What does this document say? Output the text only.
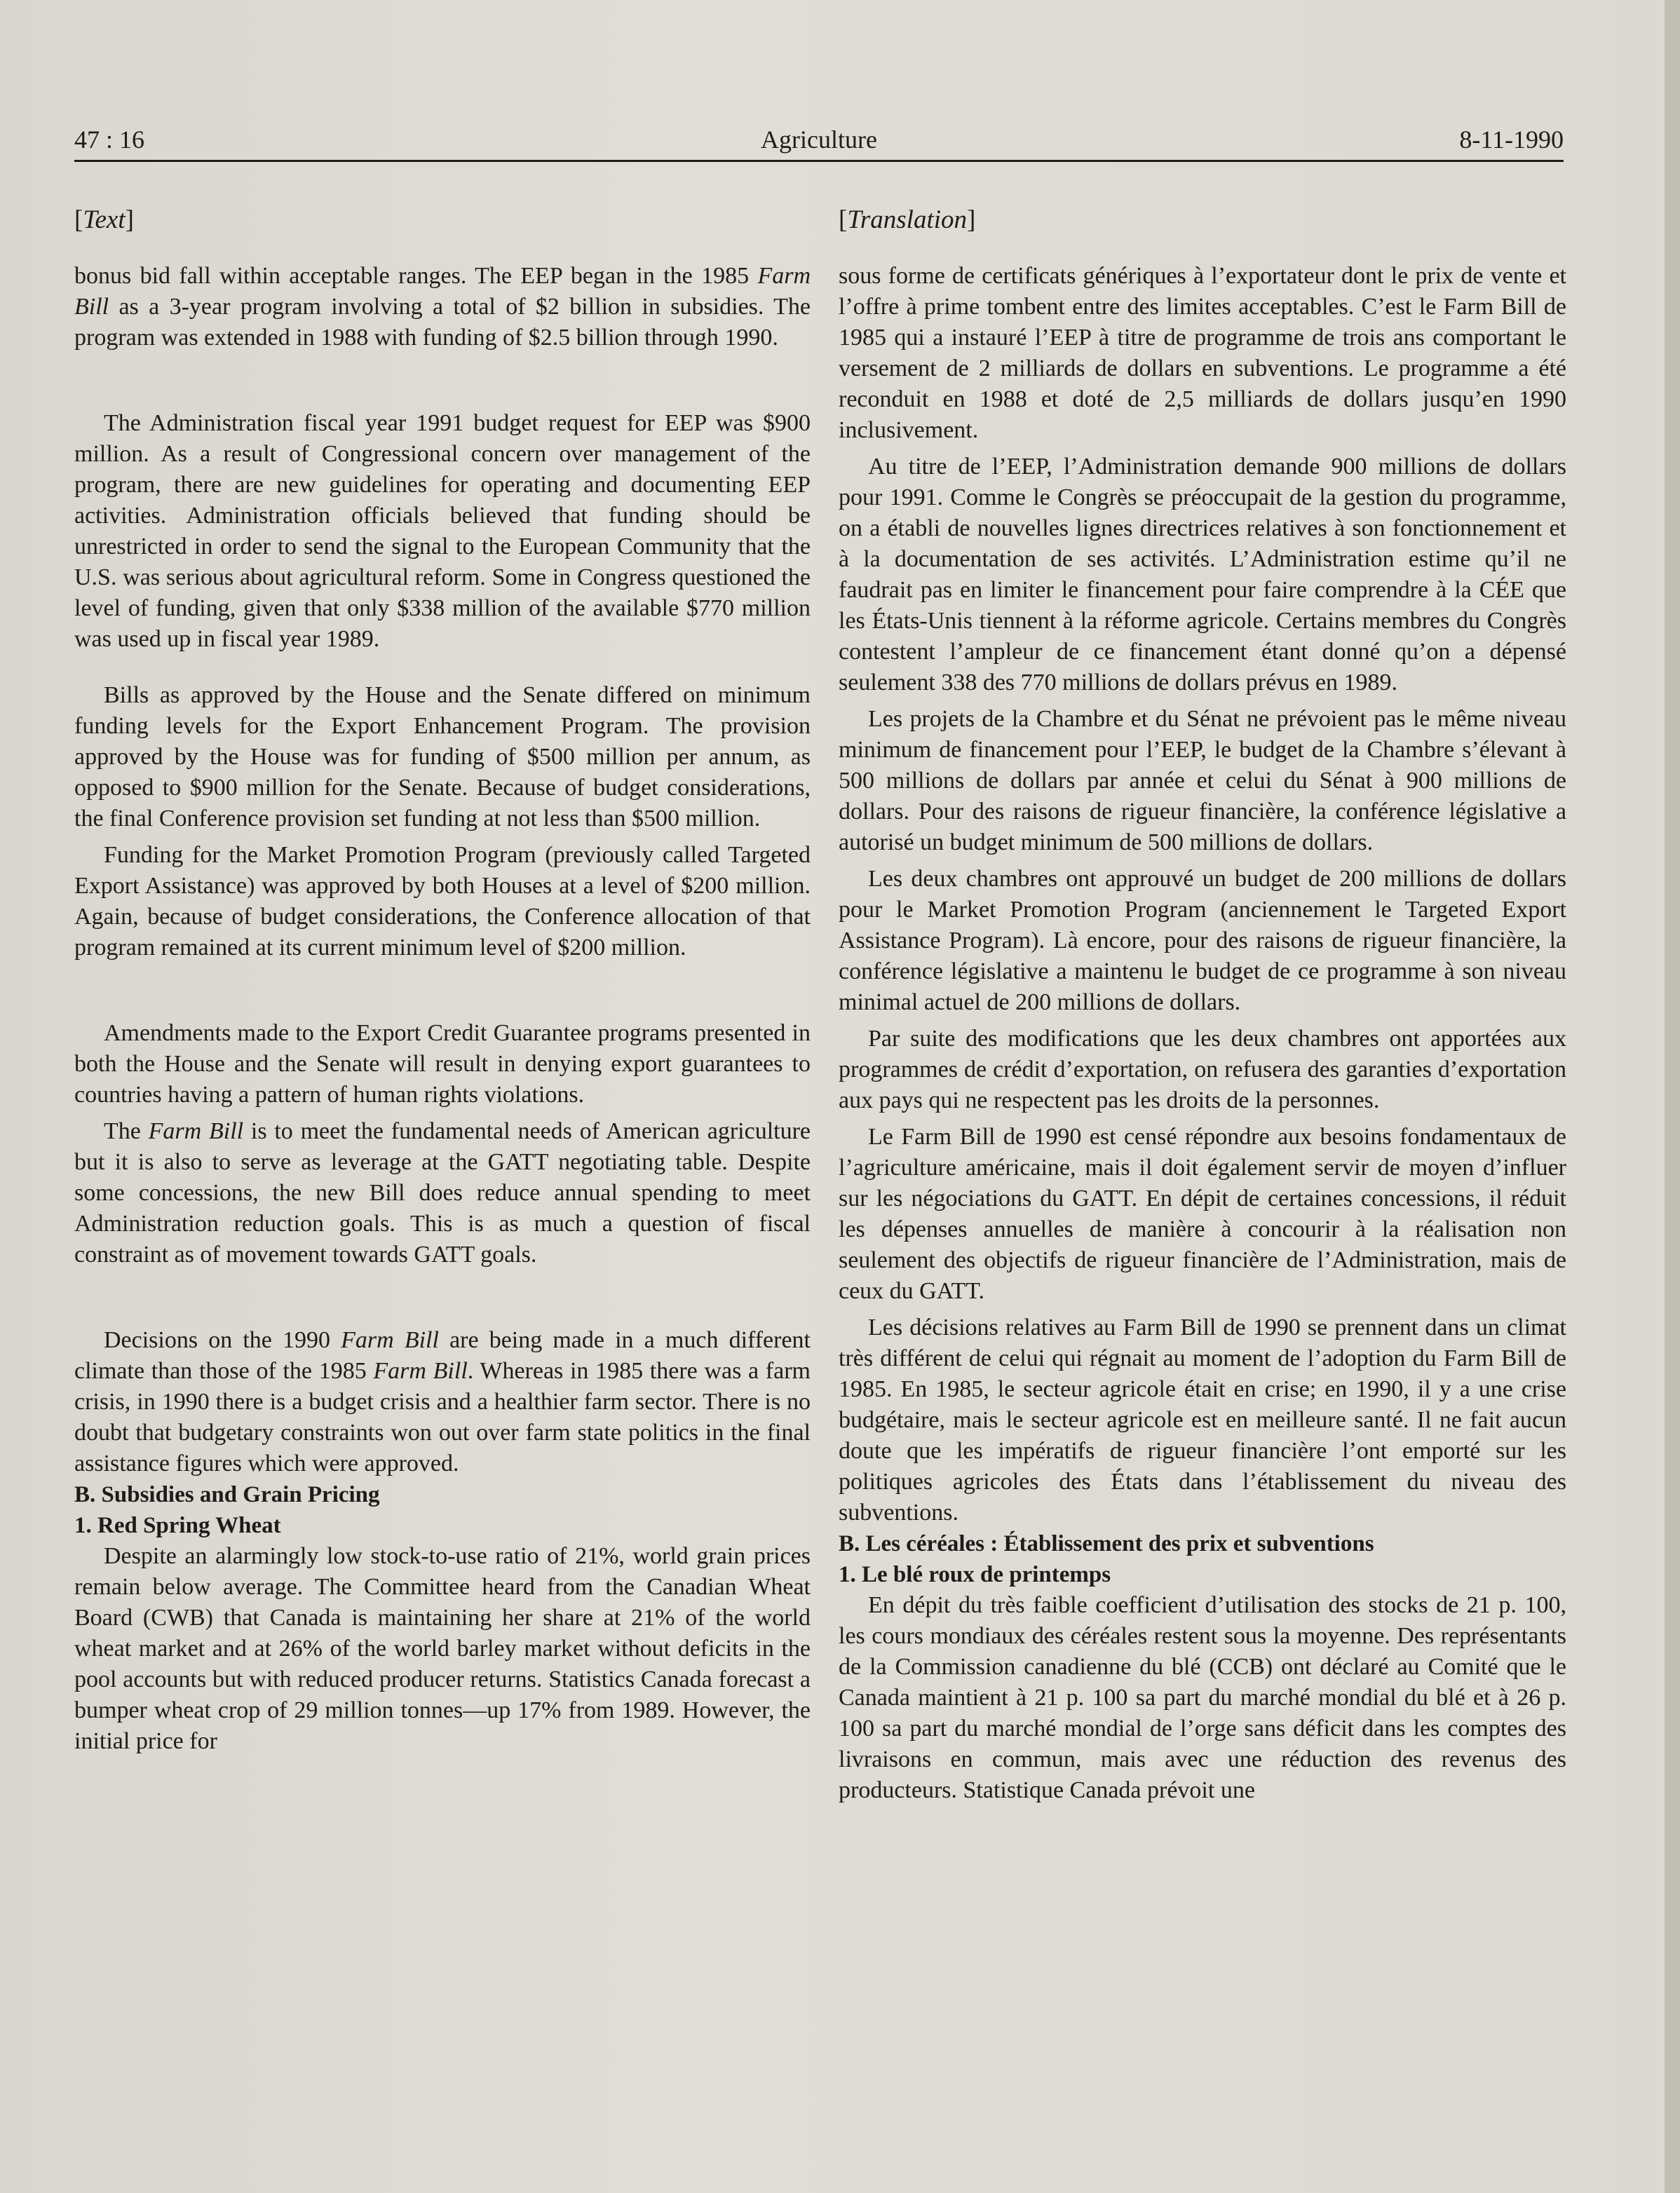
Agriculture
47 : 16	8-11-1990
[Text]

bonus bid fall within acceptable ranges. The EEP began in the 1985 Farm Bill as a 3-year program involving a total of $2 billion in subsidies. The program was extended in 1988 with funding of $2.5 billion through 1990.

The Administration fiscal year 1991 budget request for EEP was $900 million. As a result of Congressional concern over management of the program, there are new guidelines for operating and documenting EEP activities. Administration officials believed that funding should be unrestricted in order to send the signal to the European Community that the U.S. was serious about agricultural reform. Some in Congress questioned the level of funding, given that only $338 million of the available $770 million was used up in fiscal year 1989.

Bills as approved by the House and the Senate differed on minimum funding levels for the Export Enhancement Program. The provision approved by the House was for funding of $500 million per annum, as opposed to $900 million for the Senate. Because of budget considerations, the final Conference provision set funding at not less than $500 million.

Funding for the Market Promotion Program (previously called Targeted Export Assistance) was approved by both Houses at a level of $200 million. Again, because of budget considerations, the Conference allocation of that program remained at its current minimum level of $200 million.

Amendments made to the Export Credit Guarantee programs presented in both the House and the Senate will result in denying export guarantees to countries having a pattern of human rights violations.

The Farm Bill is to meet the fundamental needs of American agriculture but it is also to serve as leverage at the GATT negotiating table. Despite some concessions, the new Bill does reduce annual spending to meet Administration reduction goals. This is as much a question of fiscal constraint as of movement towards GATT goals.

Decisions on the 1990 Farm Bill are being made in a much different climate than those of the 1985 Farm Bill. Whereas in 1985 there was a farm crisis, in 1990 there is a budget crisis and a healthier farm sector. There is no doubt that budgetary constraints won out over farm state politics in the final assistance figures which were approved.

B. Subsidies and Grain Pricing

1. Red Spring Wheat

Despite an alarmingly low stock-to-use ratio of 21%, world grain prices remain below average. The Committee heard from the Canadian Wheat Board (CWB) that Canada is maintaining her share at 21% of the world wheat market and at 26% of the world barley market without deficits in the pool accounts but with reduced producer returns. Statistics Canada forecast a bumper wheat crop of 29 million tonnes—up 17% from 1989. However, the initial price for

[Translation]

sous forme de certificats génériques à l’exportateur dont le prix de vente et l’offre à prime tombent entre des limites acceptables. C’est le Farm Bill de 1985 qui a instauré l’EEP à titre de programme de trois ans comportant le versement de 2 milliards de dollars en subventions. Le programme a été reconduit en 1988 et doté de 2,5 milliards de dollars jusqu’en 1990 inclusivement.

Au titre de l’EEP, l’Administration demande 900 millions de dollars pour 1991. Comme le Congrès se préoccupait de la gestion du programme, on a établi de nouvelles lignes directrices relatives à son fonctionnement et à la documentation de ses activités. L’Administration estime qu’il ne faudrait pas en limiter le financement pour faire comprendre à la CÉE que les États-Unis tiennent à la réforme agricole. Certains membres du Congrès contestent l’ampleur de ce financement étant donné qu’on a dépensé seulement 338 des 770 millions de dollars prévus en 1989.

Les projets de la Chambre et du Sénat ne prévoient pas le même niveau minimum de financement pour l’EEP, le budget de la Chambre s’élevant à 500 millions de dollars par année et celui du Sénat à 900 millions de dollars. Pour des raisons de rigueur financière, la conférence législative a autorisé un budget minimum de 500 millions de dollars.

Les deux chambres ont approuvé un budget de 200 millions de dollars pour le Market Promotion Program (anciennement le Targeted Export Assistance Program). Là encore, pour des raisons de rigueur financière, la conférence législative a maintenu le budget de ce programme à son niveau minimal actuel de 200 millions de dollars.

Par suite des modifications que les deux chambres ont apportées aux programmes de crédit d’exportation, on refusera des garanties d’exportation aux pays qui ne respectent pas les droits de la personnes.

Le Farm Bill de 1990 est censé répondre aux besoins fondamentaux de l’agriculture américaine, mais il doit également servir de moyen d’influer sur les négociations du GATT. En dépit de certaines concessions, il réduit les dépenses annuelles de manière à concourir à la réalisation non seulement des objectifs de rigueur financière de l’Administration, mais de ceux du GATT.

Les décisions relatives au Farm Bill de 1990 se prennent dans un climat très différent de celui qui régnait au moment de l’adoption du Farm Bill de 1985. En 1985, le secteur agricole était en crise; en 1990, il y a une crise budgétaire, mais le secteur agricole est en meilleure santé. Il ne fait aucun doute que les impératifs de rigueur financière l’ont emporté sur les politiques agricoles des États dans l’établissement du niveau des subventions.

B. Les céréales : Établissement des prix et subventions

1. Le blé roux de printemps

En dépit du très faible coefficient d’utilisation des stocks de 21 p. 100, les cours mondiaux des céréales restent sous la moyenne. Des représentants de la Commission canadienne du blé (CCB) ont déclaré au Comité que le Canada maintient à 21 p. 100 sa part du marché mondial du blé et à 26 p. 100 sa part du marché mondial de l’orge sans déficit dans les comptes des livraisons en commun, mais avec une réduction des revenus des producteurs. Statistique Canada prévoit une
